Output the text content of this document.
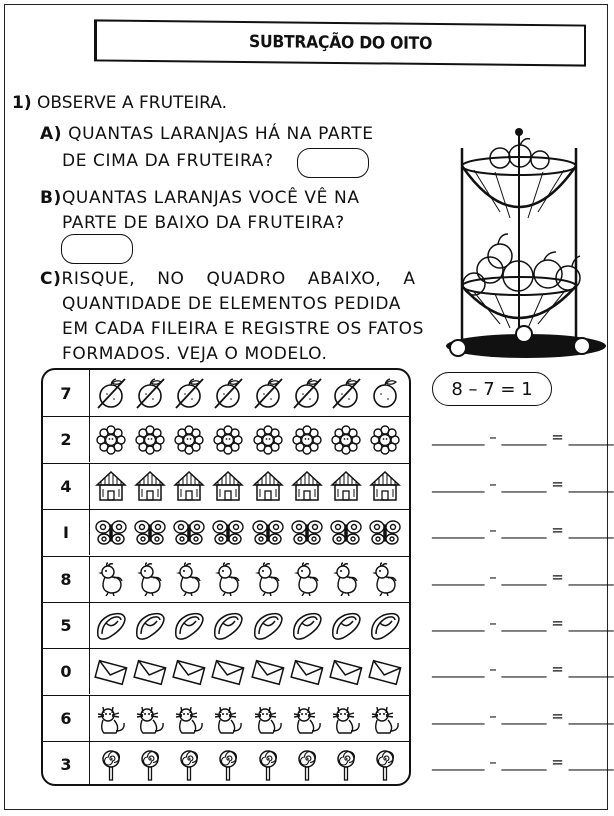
SUBTRAÇÃO DO OITO
1) OBSERVE A FRUTEIRA.
A) QUANTAS LARANJAS HÁ NA PARTE
DE CIMA DA FRUTEIRA?
B)QUANTAS LARANJAS VOCÊ VÊ NA
PARTE DE BAIXO DA FRUTEIRA?
C)RISQUE, NO QUADRO ABAIXO, A
QUANTIDADE DE ELEMENTOS PEDIDA
EM CADA FILEIRA E REGISTRE OS FATOS
FORMADOS. VEJA O MODELO.
7
2
4
I
8
5
0
6
3
8 – 7 = 1
_______ – ______ = ______
_______ – ______ = ______
_______ – ______ = ______
_______ – ______ = ______
_______ – ______ = ______
_______ – ______ = ______
_______ – ______ = ______
_______ – ______ = ______
